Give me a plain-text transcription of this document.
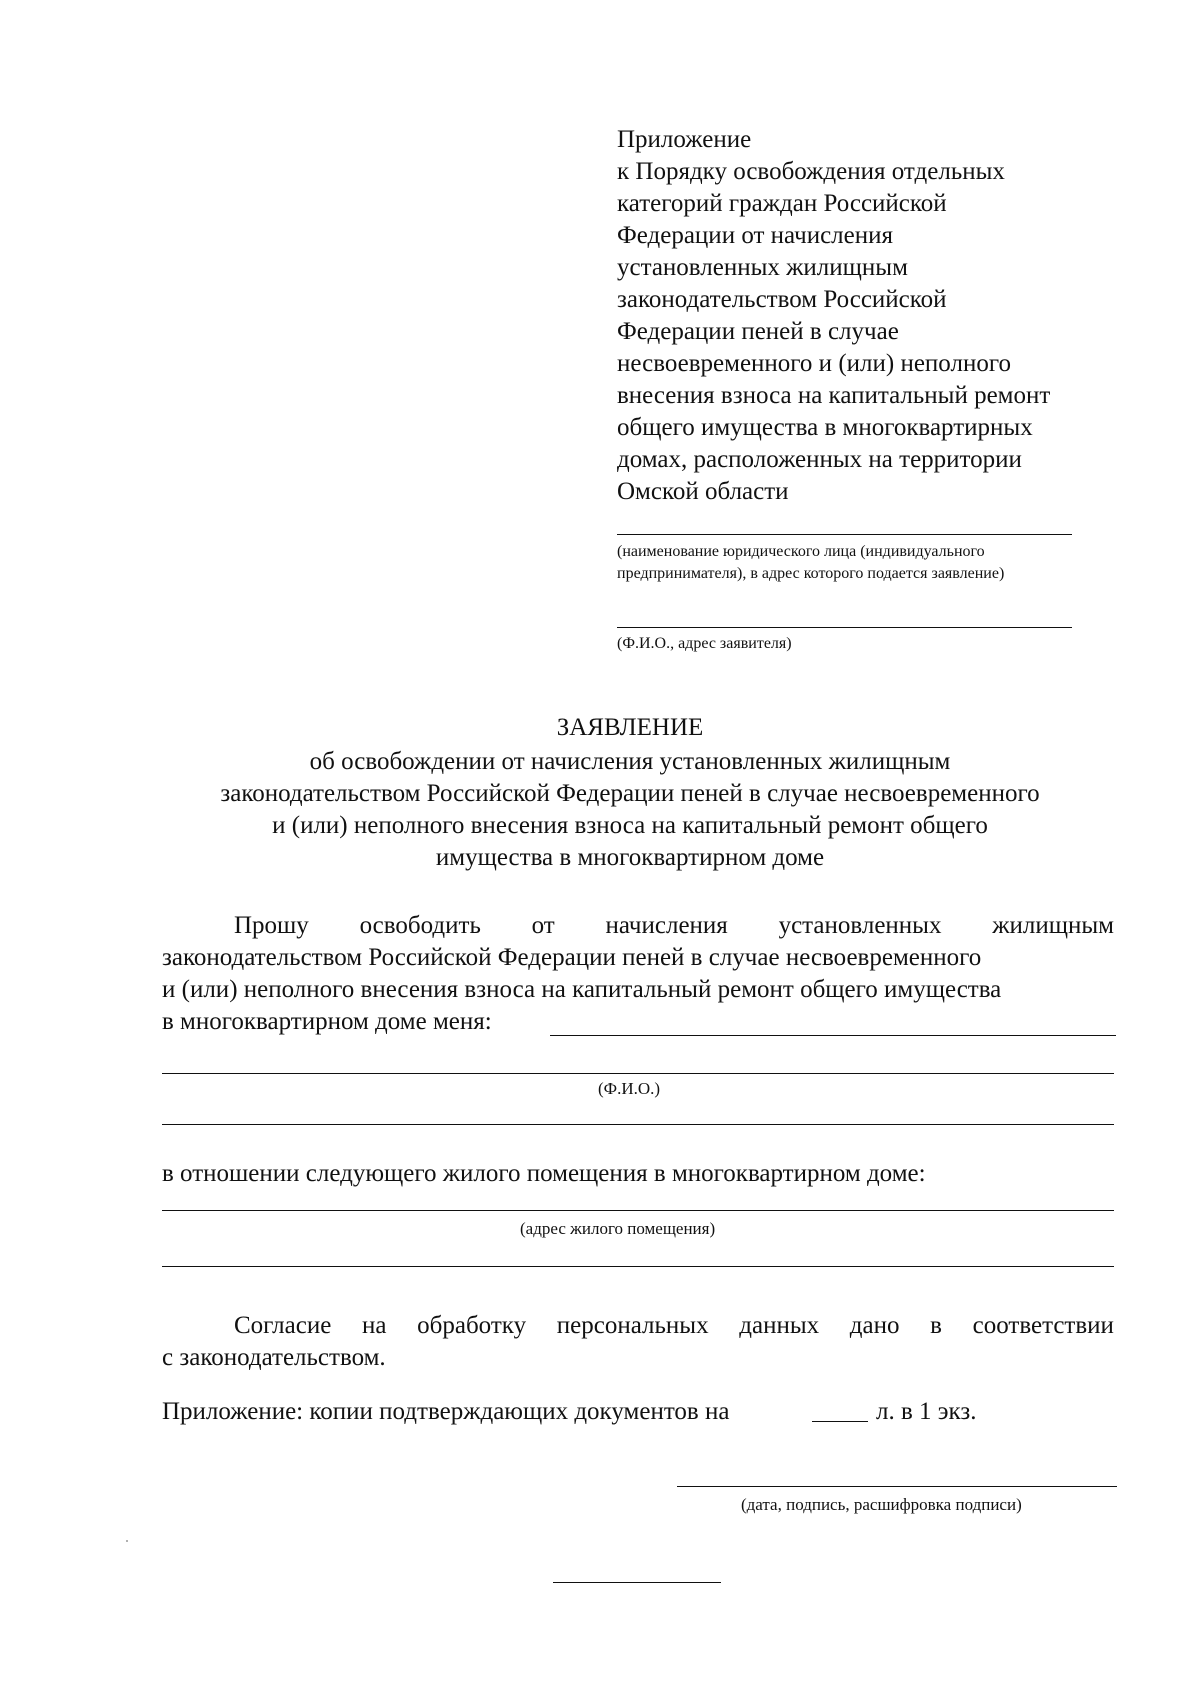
Приложение
к Порядку освобождения отдельных
категорий граждан Российской
Федерации от начисления
установленных жилищным
законодательством Российской
Федерации пеней в случае
несвоевременного и (или) неполного
внесения взноса на капитальный ремонт
общего имущества в многоквартирных
домах, расположенных на территории
Омской области
(наименование юридического лица (индивидуального
предпринимателя), в адрес которого подается заявление)
(Ф.И.О., адрес заявителя)
ЗАЯВЛЕНИЕ
об освобождении от начисления установленных жилищным
законодательством Российской Федерации пеней в случае несвоевременного
и (или) неполного внесения взноса на капитальный ремонт общего
имущества в многоквартирном доме
Прошу освободить от начисления установленных жилищным
законодательством Российской Федерации пеней в случае несвоевременного
и (или) неполного внесения взноса на капитальный ремонт общего имущества
в многоквартирном доме меня:
(Ф.И.О.)
в отношении следующего жилого помещения в многоквартирном доме:
(адрес жилого помещения)
Согласие на обработку персональных данных дано в соответствии
с законодательством.
Приложение: копии подтверждающих документов на	л. в 1 экз.
(дата, подпись, расшифровка подписи)
